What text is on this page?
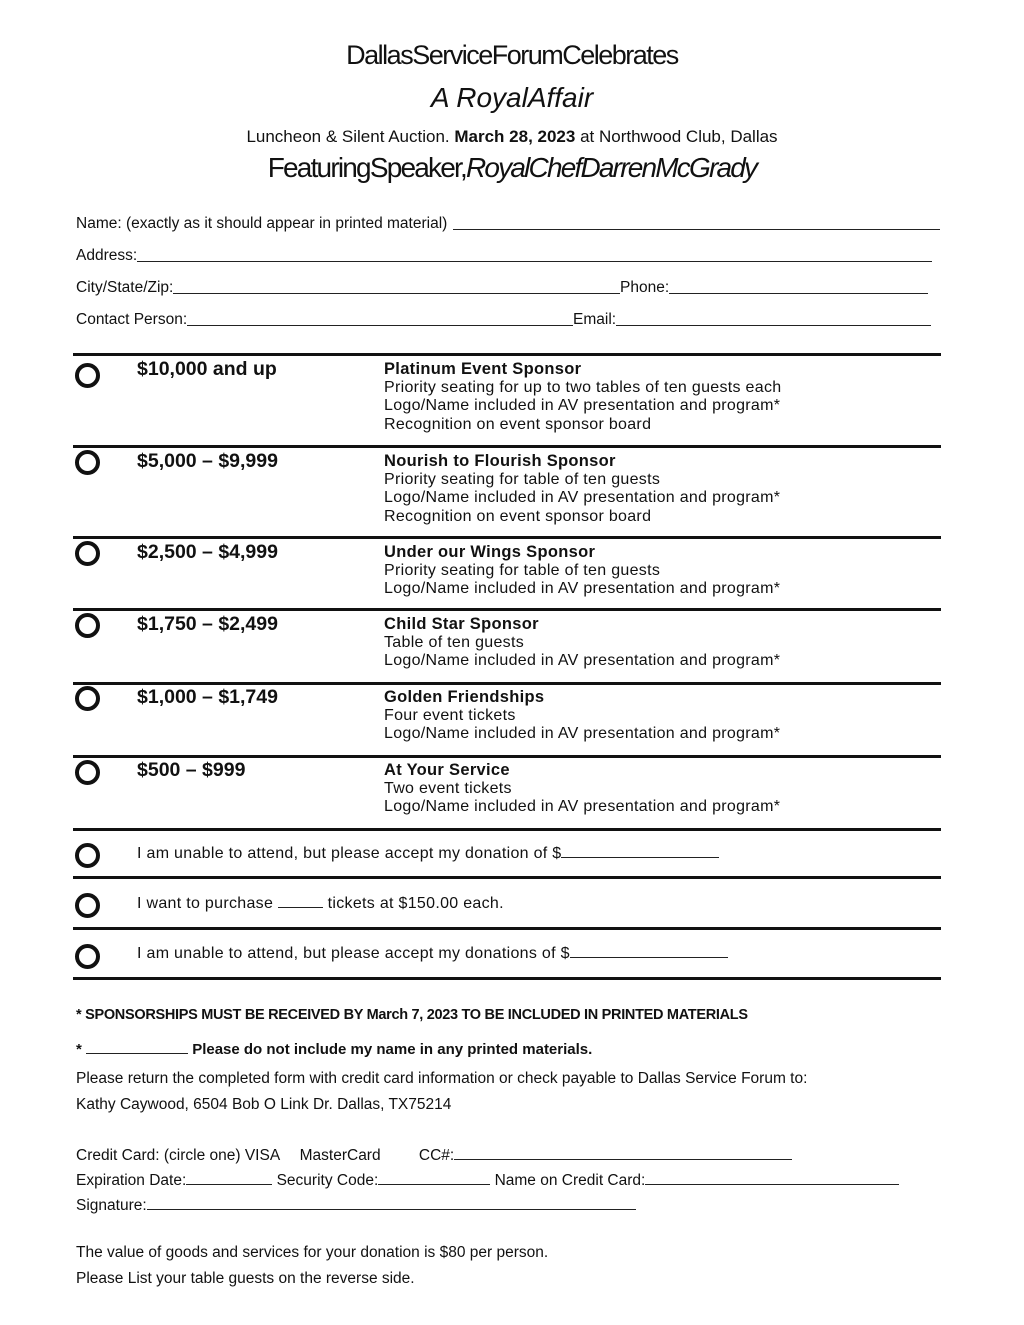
DallasServiceForumCelebrates
A RoyalAffair
Luncheon & Silent Auction. March 28, 2023 at Northwood Club, Dallas
FeaturingSpeaker,RoyalChefDarrenMcGrady
Name: (exactly as it should appear in printed material)
Address:
City/State/Zip:	Phone:
Contact Person:	Email:
$10,000 and up	Platinum Event Sponsor
Priority seating for up to two tables of ten guests each
Logo/Name included in AV presentation and program*
Recognition on event sponsor board
$5,000 – $9,999	Nourish to Flourish Sponsor
Priority seating for table of ten guests
Logo/Name included in AV presentation and program*
Recognition on event sponsor board
$2,500 – $4,999	Under our Wings Sponsor
Priority seating for table of ten guests
Logo/Name included in AV presentation and program*
$1,750 – $2,499	Child Star Sponsor
Table of ten guests
Logo/Name included in AV presentation and program*
$1,000 – $1,749	Golden Friendships
Four event tickets
Logo/Name included in AV presentation and program*
$500 – $999	At Your Service
Two event tickets
Logo/Name included in AV presentation and program*
I am unable to attend, but please accept my donation of $
I want to purchase	tickets at $150.00 each.
I am unable to attend, but please accept my donations of $
* SPONSORSHIPS MUST BE RECEIVED BY March 7, 2023 TO BE INCLUDED IN PRINTED MATERIALS
*	Please do not include my name in any printed materials.
Please return the completed form with credit card information or check payable to Dallas Service Forum to:
Kathy Caywood, 6504 Bob O Link Dr. Dallas, TX75214
Credit Card: (circle one) VISA MasterCard CC#:
Expiration Date:	Security Code:	Name on Credit Card:
Signature:
The value of goods and services for your donation is $80 per person.
Please List your table guests on the reverse side.
